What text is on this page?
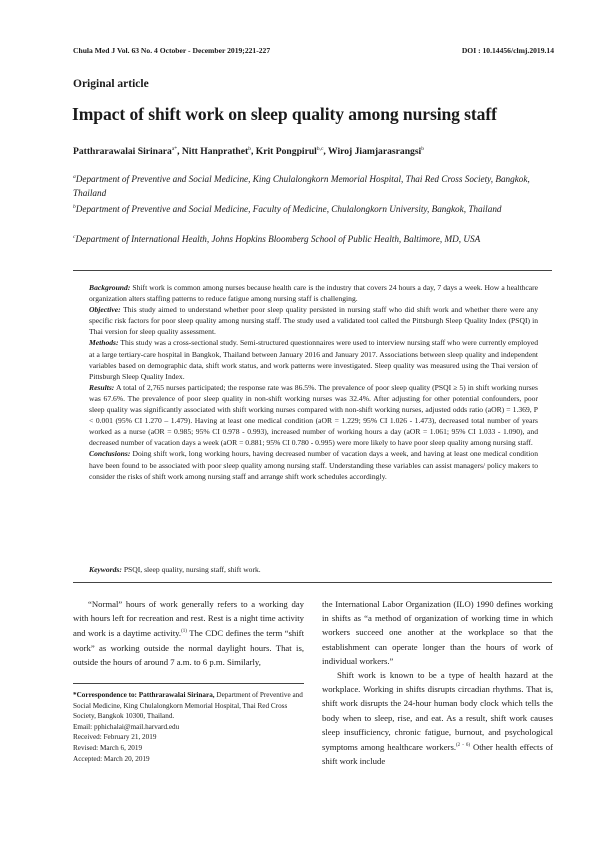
Chula Med J Vol. 63 No. 4 October - December 2019;221-227	DOI : 10.14456/clmj.2019.14
Original article
Impact of shift work on sleep quality among nursing staff
Patthrarawalai Sirinara$^{a*}$, Nitt Hanprathet$^b$, Krit Pongpirul$^{b,c}$, Wiroj Jiamjarasrangsi$^b$
$^a$Department of Preventive and Social Medicine, King Chulalongkorn Memorial Hospital, Thai Red Cross Society, Bangkok, Thailand
$^b$Department of Preventive and Social Medicine, Faculty of Medicine, Chulalongkorn University, Bangkok, Thailand
$^c$Department of International Health, Johns Hopkins Bloomberg School of Public Health, Baltimore, MD, USA

Background: Shift work is common among nurses because health care is the industry that covers 24 hours a day, 7 days a week. How a healthcare organization alters staffing patterns to reduce fatigue among nursing staff is challenging.

Objective: This study aimed to understand whether poor sleep quality persisted in nursing staff who did shift work and whether there were any specific risk factors for poor sleep quality among nursing staff. The study used a validated tool called the Pittsburgh Sleep Quality Index (PSQI) in Thai version for sleep quality assessment.

Methods: This study was a cross-sectional study. Semi-structured questionnaires were used to interview nursing staff who were currently employed at a large tertiary-care hospital in Bangkok, Thailand between January 2016 and January 2017. Associations between sleep quality and independent variables based on demographic data, shift work status, and work patterns were investigated. Sleep quality was measured using the Thai version of Pittsburgh Sleep Quality Index.

Results: A total of 2,765 nurses participated; the response rate was 86.5%. The prevalence of poor sleep quality (PSQI ≥ 5) in shift working nurses was 67.6%. The prevalence of poor sleep quality in non-shift working nurses was 32.4%. After adjusting for other potential confounders, poor sleep quality was significantly associated with shift working nurses compared with non-shift working nurses, adjusted odds ratio (aOR) = 1.369, P < 0.001 (95% CI 1.270 – 1.479). Having at least one medical condition (aOR = 1.229; 95% CI 1.026 - 1.473), decreased total number of years worked as a nurse (aOR = 0.985; 95% CI 0.978 - 0.993), increased number of working hours a day (aOR = 1.061; 95% CI 1.033 - 1.090), and decreased number of vacation days a week (aOR = 0.881; 95% CI 0.780 - 0.995) were more likely to have poor sleep quality among nursing staff.

Conclusions: Doing shift work, long working hours, having decreased number of vacation days a week, and having at least one medical condition have been found to be associated with poor sleep quality among nursing staff. Understanding these variables can assist managers/ policy makers to consider the risks of shift work among nursing staff and arrange shift work schedules accordingly.

Keywords: PSQI, sleep quality, nursing staff, shift work.

“Normal” hours of work generally refers to a working day with hours left for recreation and rest. Rest is a night time activity and work is a daytime activity.$^{(1)}$ The CDC defines the term “shift work” as working outside the normal daylight hours. That is, outside the hours of around 7 a.m. to 6 p.m. Similarly,

*Correspondence to: Patthrarawalai Sirinara, Department of Preventive and Social Medicine, King Chulalongkorn Memorial Hospital, Thai Red Cross Society, Bangkok 10300, Thailand.

Email: pphichalai@mail.harvard.edu

Received: February 21, 2019

Revised: March 6, 2019

Accepted: March 20, 2019

the International Labor Organization (ILO) 1990 defines working in shifts as “a method of organization of working time in which workers succeed one another at the workplace so that the establishment can operate longer than the hours of work of individual workers.”

Shift work is known to be a type of health hazard at the workplace. Working in shifts disrupts circadian rhythms. That is, shift work disrupts the 24-hour human body clock which tells the body when to sleep, rise, and eat. As a result, shift work causes sleep insufficiency, chronic fatigue, burnout, and psychological symptoms among healthcare workers.$^{(2 - 6)}$ Other health effects of shift work include
